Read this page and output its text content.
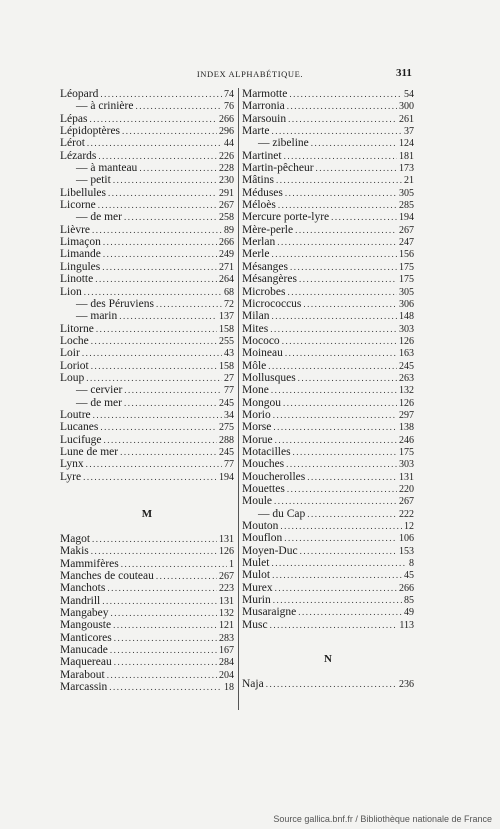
INDEX ALPHABÉTIQUE.	311
Léopard .....	74
— à crinière .....	76
Lépas .....	266
Lépidoptères .....	296
Lérot .....	44
Lézards .....	226
— à manteau .....	228
— petit .....	230
Libellules .....	291
Licorne .....	267
— de mer .....	258
Lièvre .....	89
Limaçon .....	266
Limande .....	249
Lingules .....	271
Linotte .....	264
Lion .....	68
— des Péruviens .....	72
— marin .....	137
Litorne .....	158
Loche .....	255
Loir .....	43
Loriot .....	158
Loup .....	27
— cervier .....	77
— de mer .....	245
Loutre .....	34
Lucanes .....	275
Lucifuge .....	288
Lune de mer .....	245
Lynx .....	77
Lyre .....	194
M
Magot .....	131
Makis .....	126
Mammifères .....	1
Manches de couteau .....	267
Manchots .....	223
Mandrill .....	131
Mangabey .....	132
Mangouste .....	121
Manticores .....	283
Manucade .....	167
Maquereau .....	284
Marabout .....	204
Marcassin .....	18
Marmotte .....	54
Marronia .....	300
Marsouin .....	261
Marte .....	37
— zibeline .....	124
Martinet .....	181
Martin-pêcheur .....	173
Mâtins .....	21
Méduses .....	305
Méloès .....	285
Mercure porte-lyre .....	194
Mère-perle .....	267
Merlan .....	247
Merle .....	156
Mésanges .....	175
Mésangères .....	175
Microbes .....	305
Micrococcus .....	306
Milan .....	148
Mites .....	303
Mococo .....	126
Moineau .....	163
Môle .....	245
Mollusques .....	263
Mone .....	132
Mongou .....	126
Morio .....	297
Morse .....	138
Morue .....	246
Motacilles .....	175
Mouches .....	303
Moucherolles .....	131
Mouettes .....	220
Moule .....	267
— du Cap .....	222
Mouton .....	12
Mouflon .....	106
Moyen-Duc .....	153
Mulet .....	8
Mulot .....	45
Murex .....	266
Murin .....	85
Musaraigne .....	49
Musc .....	113
N
Naja .....	236
Source gallica.bnf.fr / Bibliothèque nationale de France
